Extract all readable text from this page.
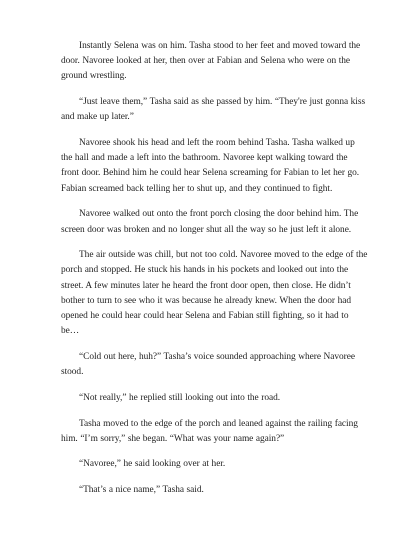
Instantly Selena was on him. Tasha stood to her feet and moved toward the door. Navoree looked at her, then over at Fabian and Selena who were on the ground wrestling.

“Just leave them,” Tasha said as she passed by him. “They're just gonna kiss and make up later.”

Navoree shook his head and left the room behind Tasha. Tasha walked up the hall and made a left into the bathroom. Navoree kept walking toward the front door. Behind him he could hear Selena screaming for Fabian to let her go. Fabian screamed back telling her to shut up, and they continued to fight.

Navoree walked out onto the front porch closing the door behind him. The screen door was broken and no longer shut all the way so he just left it alone.

The air outside was chill, but not too cold. Navoree moved to the edge of the porch and stopped. He stuck his hands in his pockets and looked out into the street. A few minutes later he heard the front door open, then close. He didn’t bother to turn to see who it was because he already knew. When the door had opened he could hear could hear Selena and Fabian still fighting, so it had to be…

“Cold out here, huh?” Tasha’s voice sounded approaching where Navoree stood.

“Not really,” he replied still looking out into the road.

Tasha moved to the edge of the porch and leaned against the railing facing him. “I’m sorry,” she began. “What was your name again?”

“Navoree,” he said looking over at her.

“That’s a nice name,” Tasha said.
